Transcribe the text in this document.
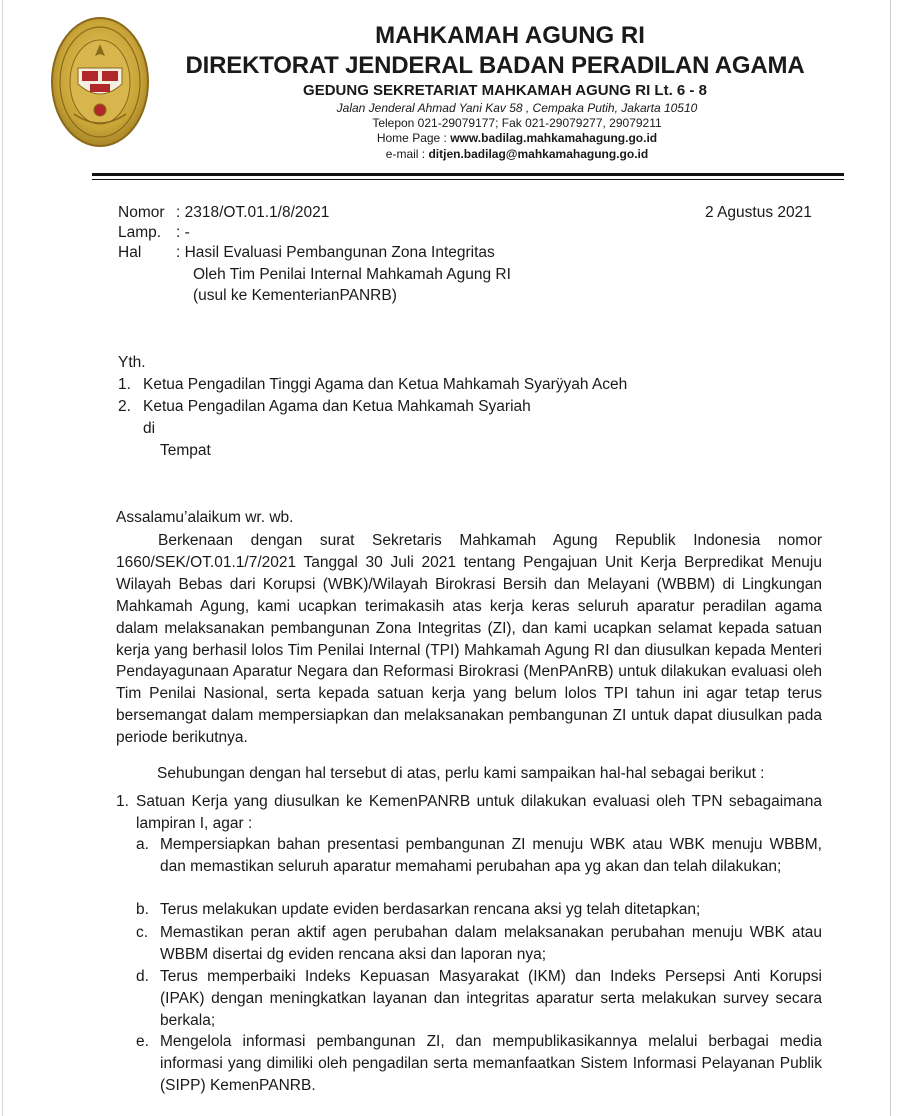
MAHKAMAH AGUNG RI
DIREKTORAT JENDERAL BADAN PERADILAN AGAMA
GEDUNG SEKRETARIAT MAHKAMAH AGUNG RI Lt. 6 - 8
Jalan Jenderal Ahmad Yani Kav 58 , Cempaka Putih, Jakarta 10510
Telepon 021-29079177; Fak 021-29079277, 29079211
Home Page : www.badilag.mahkamahagung.go.id
e-mail : ditjen.badilag@mahkamahagung.go.id
Nomor : 2318/OT.01.1/8/2021	2 Agustus 2021
Lamp. : -
Hal : Hasil Evaluasi Pembangunan Zona Integritas
Oleh Tim Penilai Internal Mahkamah Agung RI
(usul ke KementerianPANRB)
Yth.
1. Ketua Pengadilan Tinggi Agama dan Ketua Mahkamah Syarÿyah Aceh
2. Ketua Pengadilan Agama dan Ketua Mahkamah Syariah
di
Tempat
Assalamu’alaikum wr. wb.

Berkenaan dengan surat Sekretaris Mahkamah Agung Republik Indonesia nomor 1660/SEK/OT.01.1/7/2021 Tanggal 30 Juli 2021 tentang Pengajuan Unit Kerja Berpredikat Menuju Wilayah Bebas dari Korupsi (WBK)/Wilayah Birokrasi Bersih dan Melayani (WBBM) di Lingkungan Mahkamah Agung, kami ucapkan terimakasih atas kerja keras seluruh aparatur peradilan agama dalam melaksanakan pembangunan Zona Integritas (ZI), dan kami ucapkan selamat kepada satuan kerja yang berhasil lolos Tim Penilai Internal (TPI) Mahkamah Agung RI dan diusulkan kepada Menteri Pendayagunaan Aparatur Negara dan Reformasi Birokrasi (MenPAnRB) untuk dilakukan evaluasi oleh Tim Penilai Nasional, serta kepada satuan kerja yang belum lolos TPI tahun ini agar tetap terus bersemangat dalam mempersiapkan dan melaksanakan pembangunan ZI untuk dapat diusulkan pada periode berikutnya.

Sehubungan dengan hal tersebut di atas, perlu kami sampaikan hal-hal sebagai berikut :
1. Satuan Kerja yang diusulkan ke KemenPANRB untuk dilakukan evaluasi oleh TPN sebagaimana lampiran I, agar :

a. Mempersiapkan bahan presentasi pembangunan ZI menuju WBK atau WBK menuju WBBM, dan memastikan seluruh aparatur memahami perubahan apa yg akan dan telah dilakukan;

b. Terus melakukan update eviden berdasarkan rencana aksi yg telah ditetapkan;

c. Memastikan peran aktif agen perubahan dalam melaksanakan perubahan menuju WBK atau WBBM disertai dg eviden rencana aksi dan laporan nya;

d. Terus memperbaiki Indeks Kepuasan Masyarakat (IKM) dan Indeks Persepsi Anti Korupsi (IPAK) dengan meningkatkan layanan dan integritas aparatur serta melakukan survey secara berkala;

e. Mengelola informasi pembangunan ZI, dan mempublikasikannya melalui berbagai media informasi yang dimiliki oleh pengadilan serta memanfaatkan Sistem Informasi Pelayanan Publik (SIPP) KemenPANRB.
